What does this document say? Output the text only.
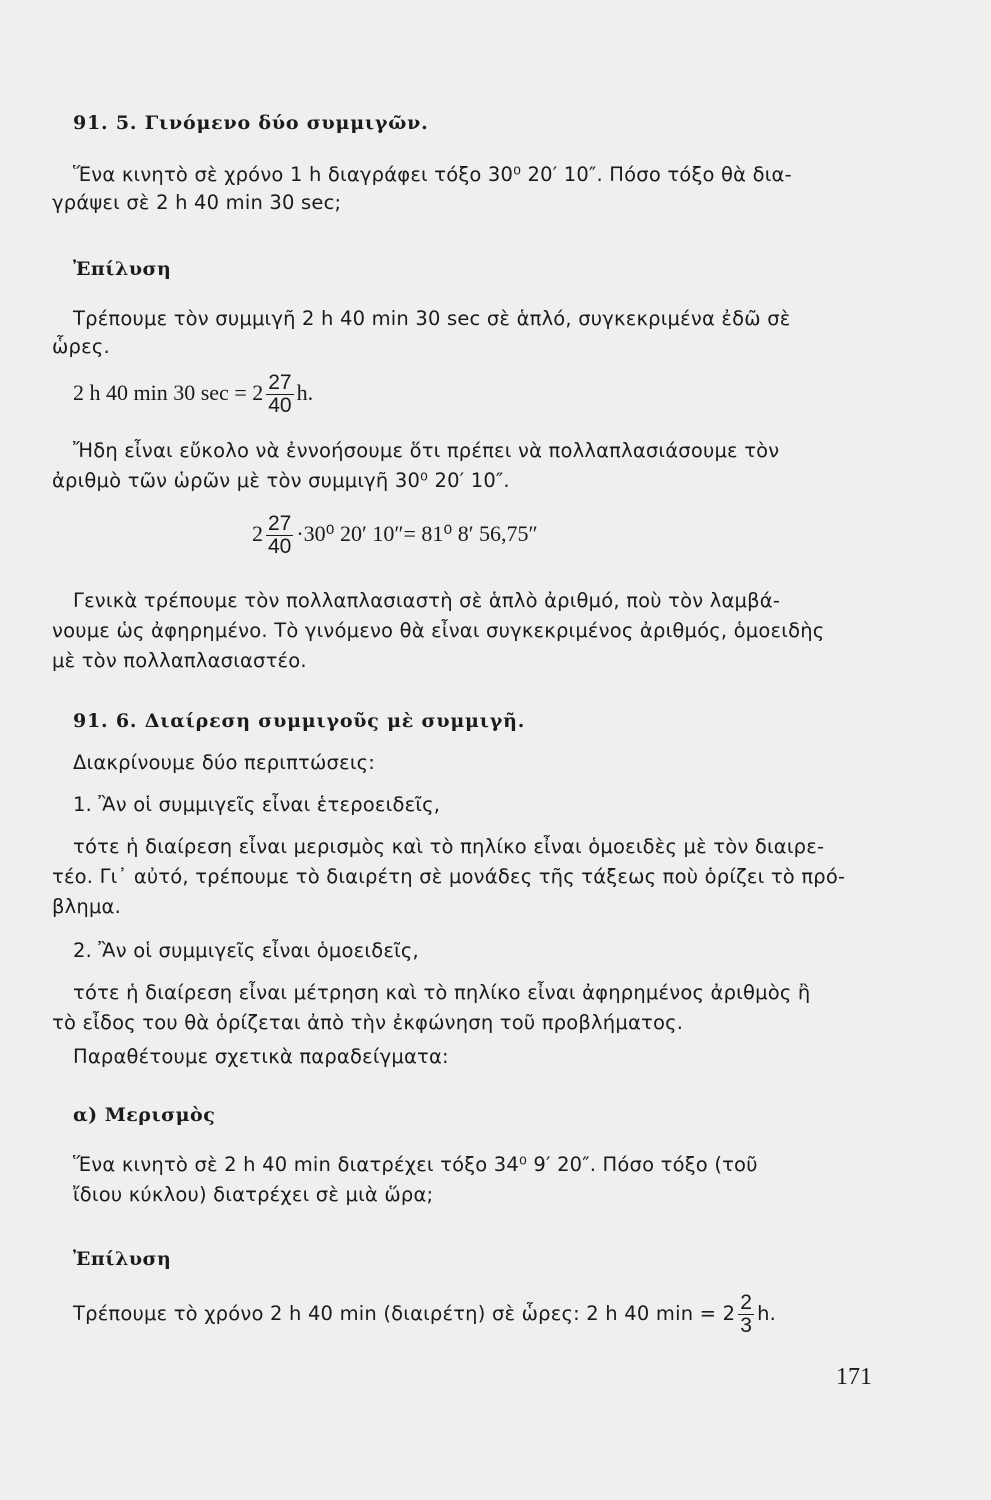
91. 5. Γινόμενο δύο συμμιγῶν.
Ἕνα κινητὸ σὲ χρόνο 1 h διαγράφει τόξο 30⁰ 20′ 10″. Πόσο τόξο θὰ δια-
γράψει σὲ 2 h 40 min 30 sec;
Ἐπίλυση
Τρέπουμε τὸν συμμιγῆ 2 h 40 min 30 sec σὲ ἁπλό, συγκεκριμένα ἐδῶ σὲ
ὧρες.
2 h 40 min 30 $\sec = 2 \frac{27}{40} h$.
Ἤδη εἶναι εὔκολο νὰ ἐννοήσουμε ὅτι πρέπει νὰ πολλαπλασιάσουμε τὸν
ἀριθμὸ τῶν ὡρῶν μὲ τὸν συμμιγῆ 30⁰ 20′ 10″.
$2 \frac{27}{40} \cdot 30^0$ 20′ 10″= 81⁰ 8′ 56,75″
Γενικὰ τρέπουμε τὸν πολλαπλασιαστὴ σὲ ἁπλὸ ἀριθμό, ποὺ τὸν λαμβά-
νουμε ὡς ἀφηρημένο. Τὸ γινόμενο θὰ εἶναι συγκεκριμένος ἀριθμός, ὁμοειδὴς
μὲ τὸν πολλαπλασιαστέο.
91. 6. Διαίρεση συμμιγοῦς μὲ συμμιγῆ.
Διακρίνουμε δύο περιπτώσεις:
1. Ἂν οἱ συμμιγεῖς εἶναι ἑτεροειδεῖς,
τότε ἡ διαίρεση εἶναι μερισμὸς καὶ τὸ πηλίκο εἶναι ὁμοειδὲς μὲ τὸν διαιρε-
τέο. Γι᾿ αὐτό, τρέπουμε τὸ διαιρέτη σὲ μονάδες τῆς τάξεως ποὺ ὁρίζει τὸ πρό-
βλημα.
2. Ἂν οἱ συμμιγεῖς εἶναι ὁμοειδεῖς,
τότε ἡ διαίρεση εἶναι μέτρηση καὶ τὸ πηλίκο εἶναι ἀφηρημένος ἀριθμὸς ἢ
τὸ εἶδος του θὰ ὁρίζεται ἀπὸ τὴν ἐκφώνηση τοῦ προβλήματος.
Παραθέτουμε σχετικὰ παραδείγματα:
α) Μερισμὸς
Ἕνα κινητὸ σὲ 2 h 40 min διατρέχει τόξο 34⁰ 9′ 20″. Πόσο τόξο (τοῦ
ἴδιου κύκλου) διατρέχει σὲ μιὰ ὥρα;
Ἐπίλυση
Τρέπουμε τὸ χρόνο 2 h 40 min (διαιρέτη) σὲ ὧρες: 2 h 40 $\min = 2 \frac{2}{3} h$.
171
